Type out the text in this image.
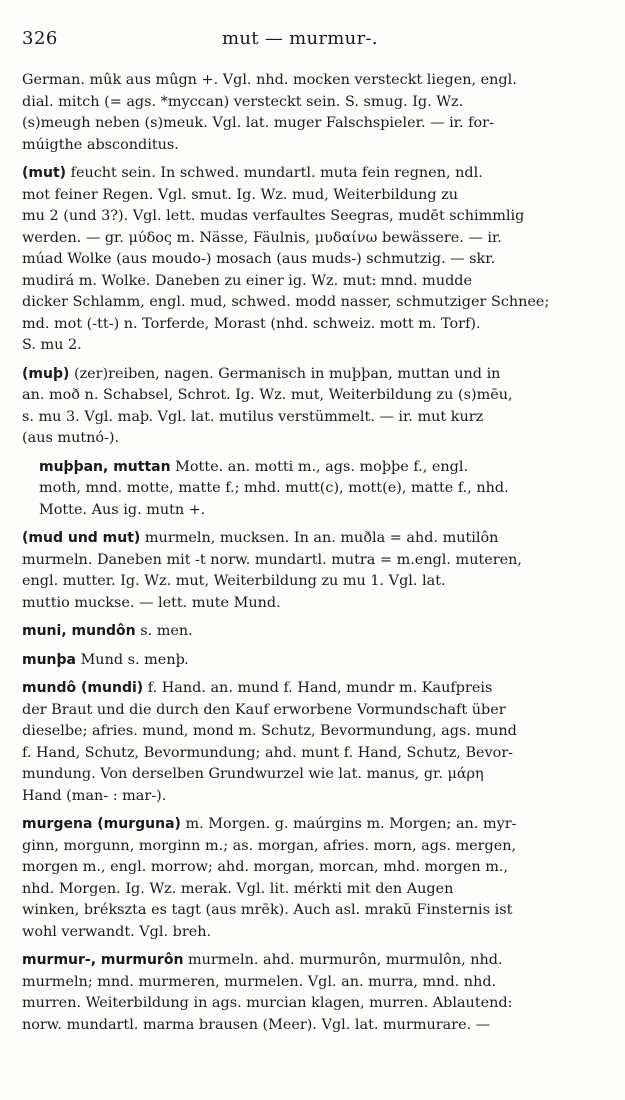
326	mut — murmur-.
German. mûk aus mûgn +. Vgl. nhd. mocken versteckt liegen, engl.
dial. mitch (= ags. *myccan) versteckt sein. S. smug. Ig. Wz.
(s)meugh neben (s)meuk. Vgl. lat. muger Falschspieler. — ir. for-
múigthe absconditus.
(mut) feucht sein. In schwed. mundartl. muta fein regnen, ndl.
mot feiner Regen. Vgl. smut. Ig. Wz. mud, Weiterbildung zu
mu 2 (und 3?). Vgl. lett. mudas verfaultes Seegras, mudēt schimmlig
werden. — gr. μύδος m. Nässe, Fäulnis, μυδαίνω bewässere. — ir.
múad Wolke (aus moudo-) mosach (aus muds-) schmutzig. — skr.
mudirá m. Wolke. Daneben zu einer ig. Wz. mut: mnd. mudde
dicker Schlamm, engl. mud, schwed. modd nasser, schmutziger Schnee;
md. mot (-tt-) n. Torferde, Morast (nhd. schweiz. mott m. Torf).
S. mu 2.
(muþ) (zer)reiben, nagen. Germanisch in muþþan, muttan und in
an. moð n. Schabsel, Schrot. Ig. Wz. mut, Weiterbildung zu (s)mēu,
s. mu 3. Vgl. maþ. Vgl. lat. mutilus verstümmelt. — ir. mut kurz
(aus mutnó-).
muþþan, muttan Motte. an. motti m., ags. moþþe f., engl.
moth, mnd. motte, matte f.; mhd. mutt(c), mott(e), matte f., nhd.
Motte. Aus ig. mutn +.
(mud und mut) murmeln, mucksen. In an. muðla = ahd. mutilôn
murmeln. Daneben mit -t norw. mundartl. mutra = m.engl. muteren,
engl. mutter. Ig. Wz. mut, Weiterbildung zu mu 1. Vgl. lat.
muttio muckse. — lett. mute Mund.
muni, mundôn s. men.
munþa Mund s. menþ.
mundô (mundi) f. Hand. an. mund f. Hand, mundr m. Kaufpreis
der Braut und die durch den Kauf erworbene Vormundschaft über
dieselbe; afries. mund, mond m. Schutz, Bevormundung, ags. mund
f. Hand, Schutz, Bevormundung; ahd. munt f. Hand, Schutz, Bevor-
mundung. Von derselben Grundwurzel wie lat. manus, gr. μάρη
Hand (man- : mar-).
murgena (murguna) m. Morgen. g. maúrgins m. Morgen; an. myr-
ginn, morgunn, morginn m.; as. morgan, afries. morn, ags. mergen,
morgen m., engl. morrow; ahd. morgan, morcan, mhd. morgen m.,
nhd. Morgen. Ig. Wz. merak. Vgl. lit. mérkti mit den Augen
winken, brékszta es tagt (aus mrēk). Auch asl. mrakŭ Finsternis ist
wohl verwandt. Vgl. breh.
murmur-, murmurôn murmeln. ahd. murmurôn, murmulôn, nhd.
murmeln; mnd. murmeren, murmelen. Vgl. an. murra, mnd. nhd.
murren. Weiterbildung in ags. murcian klagen, murren. Ablautend:
norw. mundartl. marma brausen (Meer). Vgl. lat. murmurare. —
